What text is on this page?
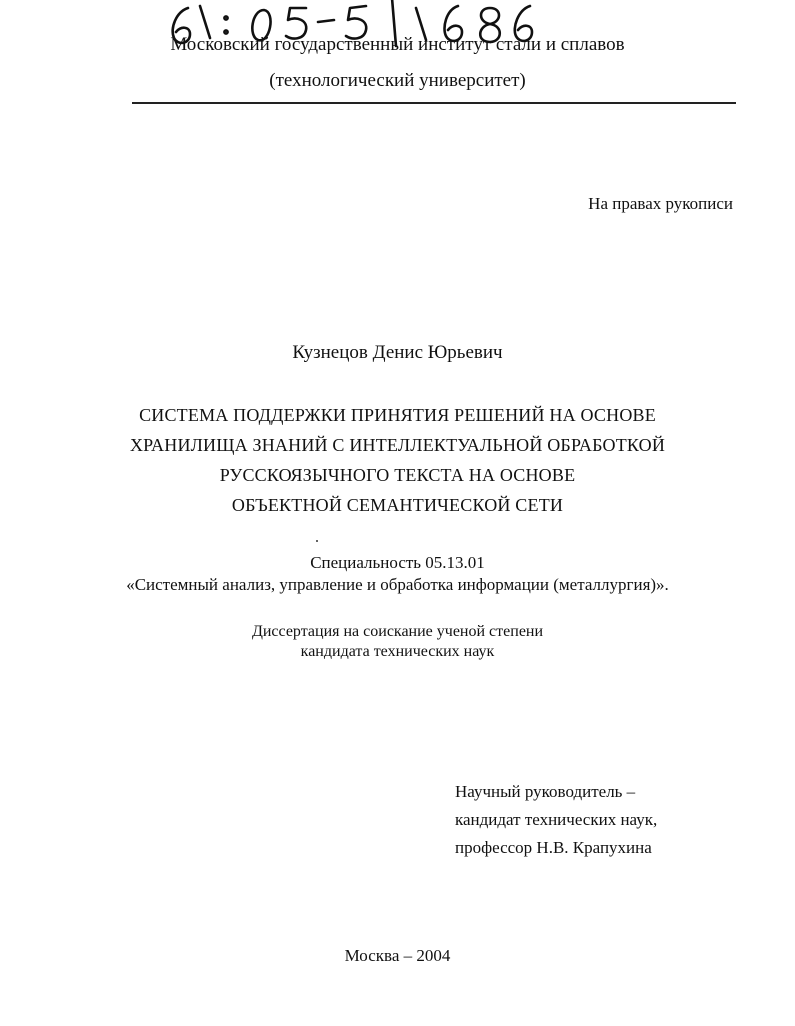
Московский государственный институт стали и сплавов
(технологический университет)
На правах рукописи
Кузнецов Денис Юрьевич
СИСТЕМА ПОДДЕРЖКИ ПРИНЯТИЯ РЕШЕНИЙ НА ОСНОВЕ
ХРАНИЛИЩА ЗНАНИЙ С ИНТЕЛЛЕКТУАЛЬНОЙ ОБРАБОТКОЙ
РУССКОЯЗЫЧНОГО ТЕКСТА НА ОСНОВЕ
ОБЪЕКТНОЙ СЕМАНТИЧЕСКОЙ СЕТИ
Специальность 05.13.01
«Системный анализ, управление и обработка информации (металлургия)».
Диссертация на соискание ученой степени
кандидата технических наук
Научный руководитель –
кандидат технических наук,
профессор Н.В. Крапухина
Москва – 2004
